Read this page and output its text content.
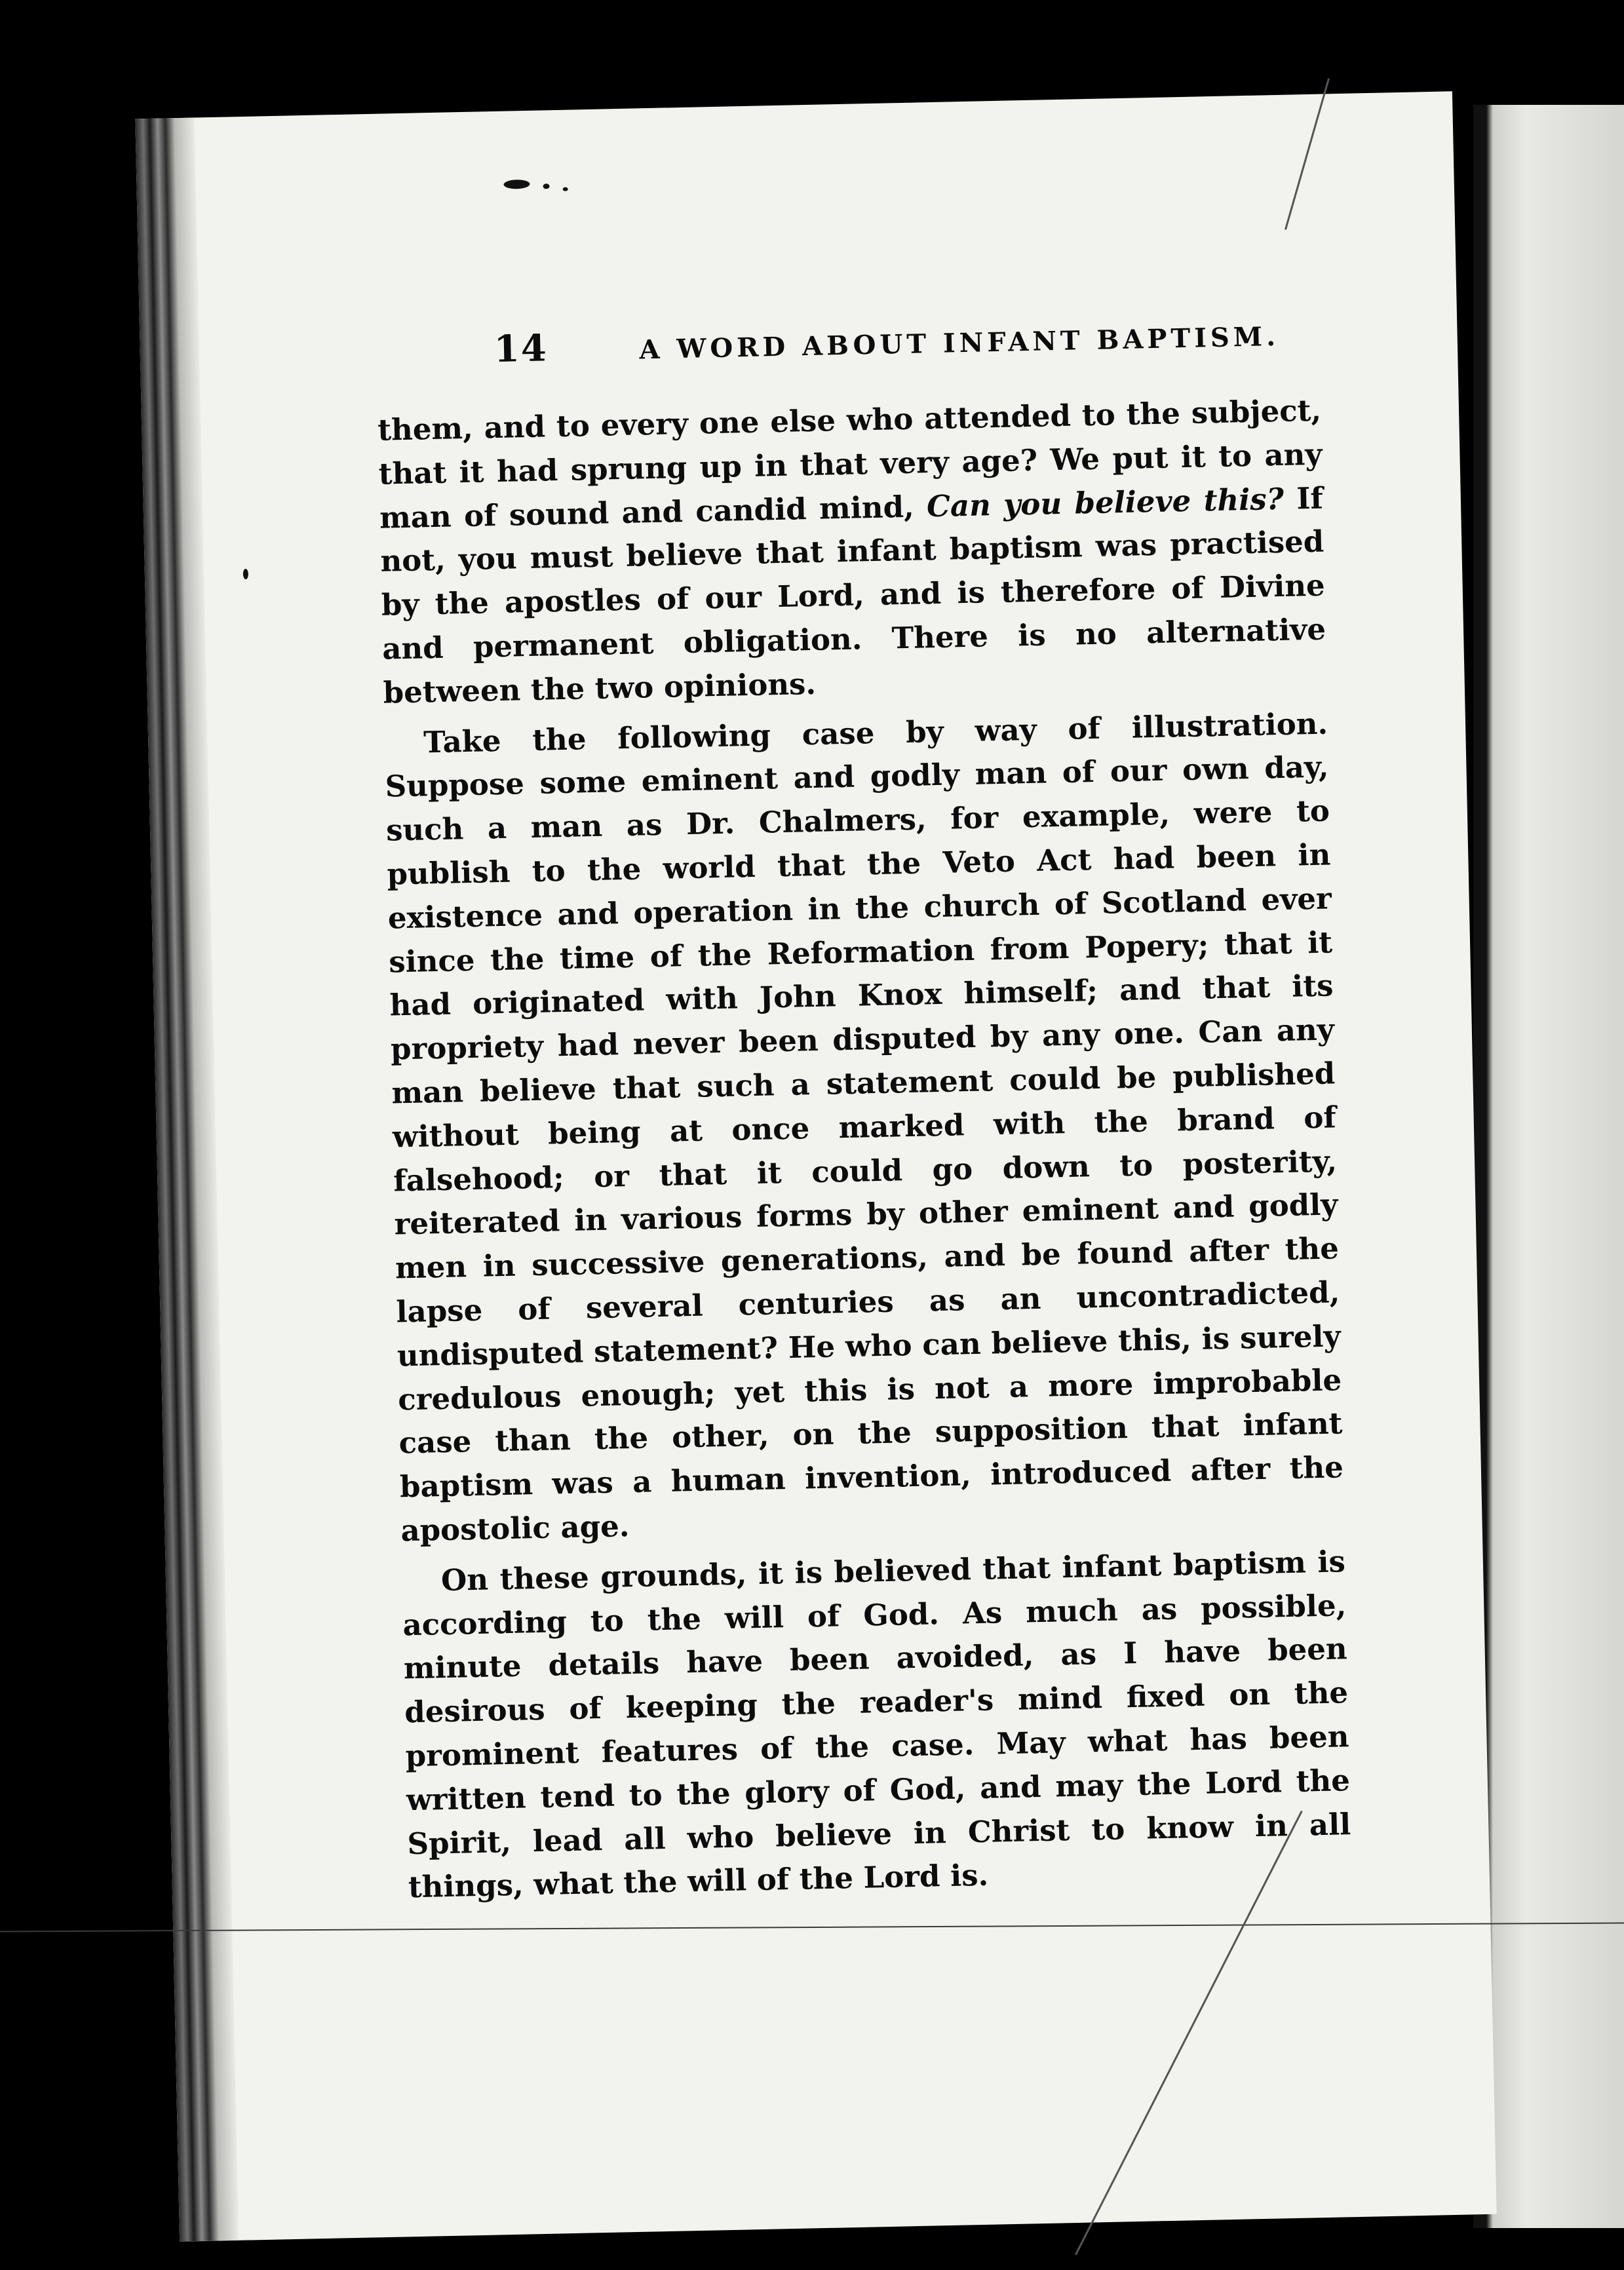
14	A WORD ABOUT INFANT BAPTISM.

them, and to every one else who attended to the subject, that it had sprung up in that very age? We put it to any man of sound and candid mind, Can you believe this? If not, you must believe that infant baptism was practised by the apostles of our Lord, and is therefore of Divine and permanent obligation. There is no alternative between the two opinions.

Take the following case by way of illustration. Suppose some eminent and godly man of our own day, such a man as Dr. Chalmers, for example, were to publish to the world that the Veto Act had been in existence and operation in the church of Scotland ever since the time of the Reformation from Popery; that it had originated with John Knox himself; and that its propriety had never been disputed by any one. Can any man believe that such a statement could be published without being at once marked with the brand of falsehood; or that it could go down to posterity, reiterated in various forms by other eminent and godly men in successive generations, and be found after the lapse of several centuries as an uncontradicted, undisputed statement? He who can believe this, is surely credulous enough; yet this is not a more improbable case than the other, on the supposition that infant baptism was a human invention, introduced after the apostolic age.

On these grounds, it is believed that infant baptism is according to the will of God. As much as possible, minute details have been avoided, as I have been desirous of keeping the reader's mind fixed on the prominent features of the case. May what has been written tend to the glory of God, and may the Lord the Spirit, lead all who believe in Christ to know in all things, what the will of the Lord is.
